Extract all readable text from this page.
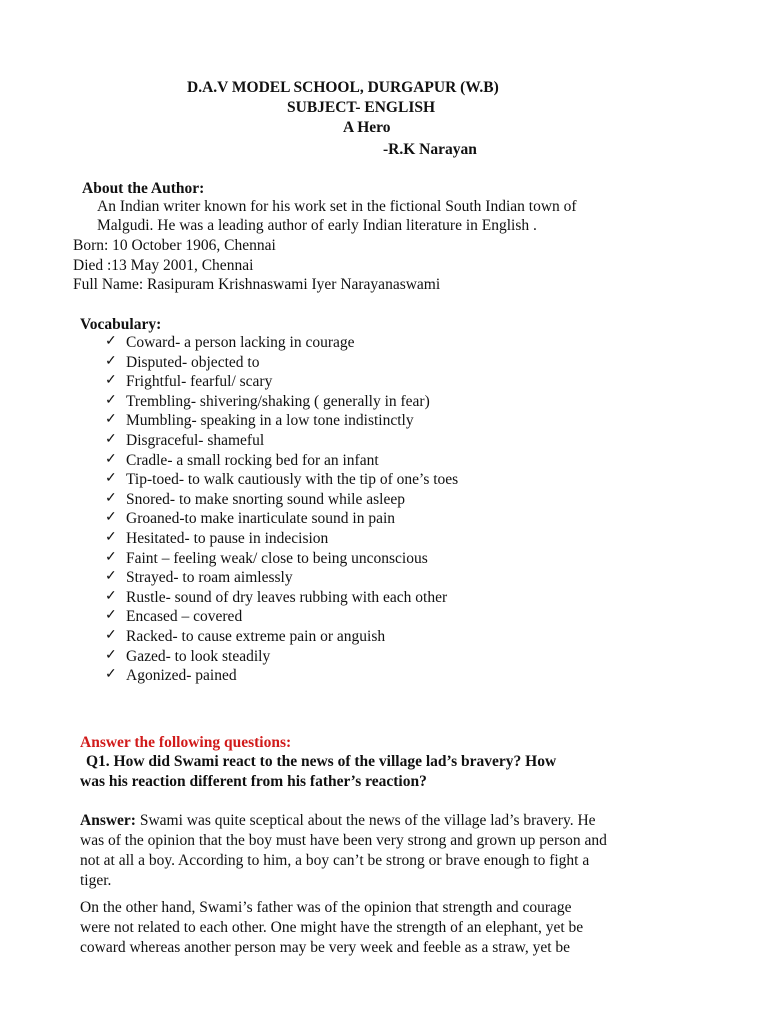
D.A.V MODEL SCHOOL, DURGAPUR (W.B)
SUBJECT- ENGLISH
A Hero
-R.K Narayan
About the Author:
An Indian writer known for his work set in the fictional South Indian town of
Malgudi. He was a leading author of early Indian literature in English .
Born: 10 October 1906, Chennai
Died :13 May 2001, Chennai
Full Name: Rasipuram Krishnaswami Iyer Narayanaswami
Vocabulary:
✓ Coward- a person lacking in courage
✓ Disputed- objected to
✓ Frightful- fearful/ scary
✓ Trembling- shivering/shaking ( generally in fear)
✓ Mumbling- speaking in a low tone indistinctly
✓ Disgraceful- shameful
✓ Cradle- a small rocking bed for an infant
✓ Tip-toed- to walk cautiously with the tip of one’s toes
✓ Snored- to make snorting sound while asleep
✓ Groaned-to make inarticulate sound in pain
✓ Hesitated- to pause in indecision
✓ Faint – feeling weak/ close to being unconscious
✓ Strayed- to roam aimlessly
✓ Rustle- sound of dry leaves rubbing with each other
✓ Encased – covered
✓ Racked- to cause extreme pain or anguish
✓ Gazed- to look steadily
✓ Agonized- pained
Answer the following questions:
Q1. How did Swami react to the news of the village lad’s bravery? How
was his reaction different from his father’s reaction?
Answer: Swami was quite sceptical about the news of the village lad’s bravery. He
was of the opinion that the boy must have been very strong and grown up person and
not at all a boy. According to him, a boy can’t be strong or brave enough to fight a
tiger.
On the other hand, Swami’s father was of the opinion that strength and courage
were not related to each other. One might have the strength of an elephant, yet be
coward whereas another person may be very week and feeble as a straw, yet be
